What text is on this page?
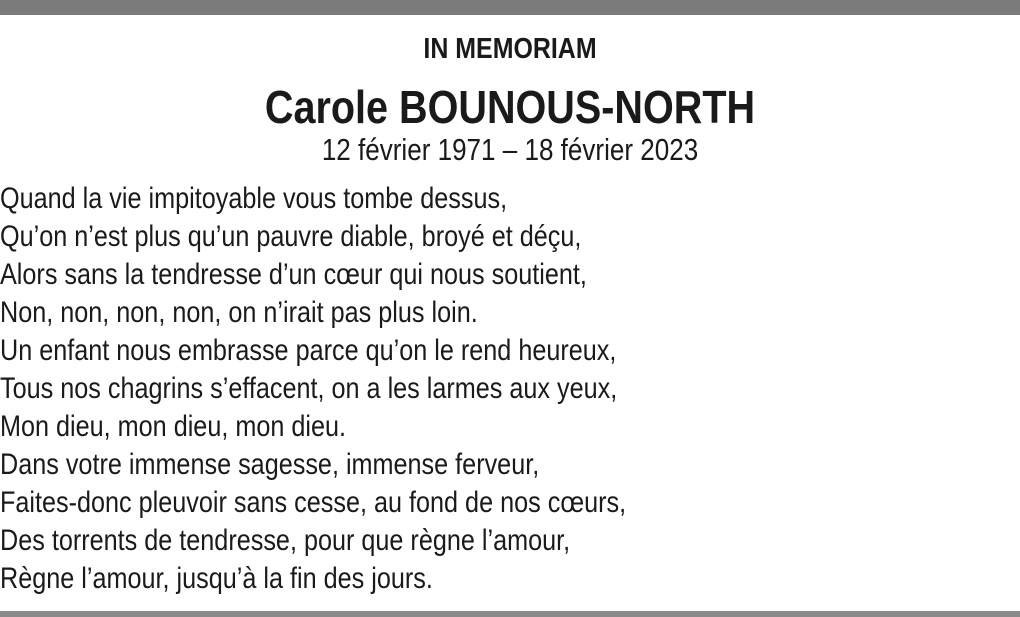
IN MEMORIAM
Carole BOUNOUS-NORTH
12 février 1971 – 18 février 2023
Quand la vie impitoyable vous tombe dessus,
Qu’on n’est plus qu’un pauvre diable, broyé et déçu,
Alors sans la tendresse d’un cœur qui nous soutient,
Non, non, non, non, on n’irait pas plus loin.
Un enfant nous embrasse parce qu’on le rend heureux,
Tous nos chagrins s’effacent, on a les larmes aux yeux,
Mon dieu, mon dieu, mon dieu.
Dans votre immense sagesse, immense ferveur,
Faites-donc pleuvoir sans cesse, au fond de nos cœurs,
Des torrents de tendresse, pour que règne l’amour,
Règne l’amour, jusqu’à la fin des jours.
